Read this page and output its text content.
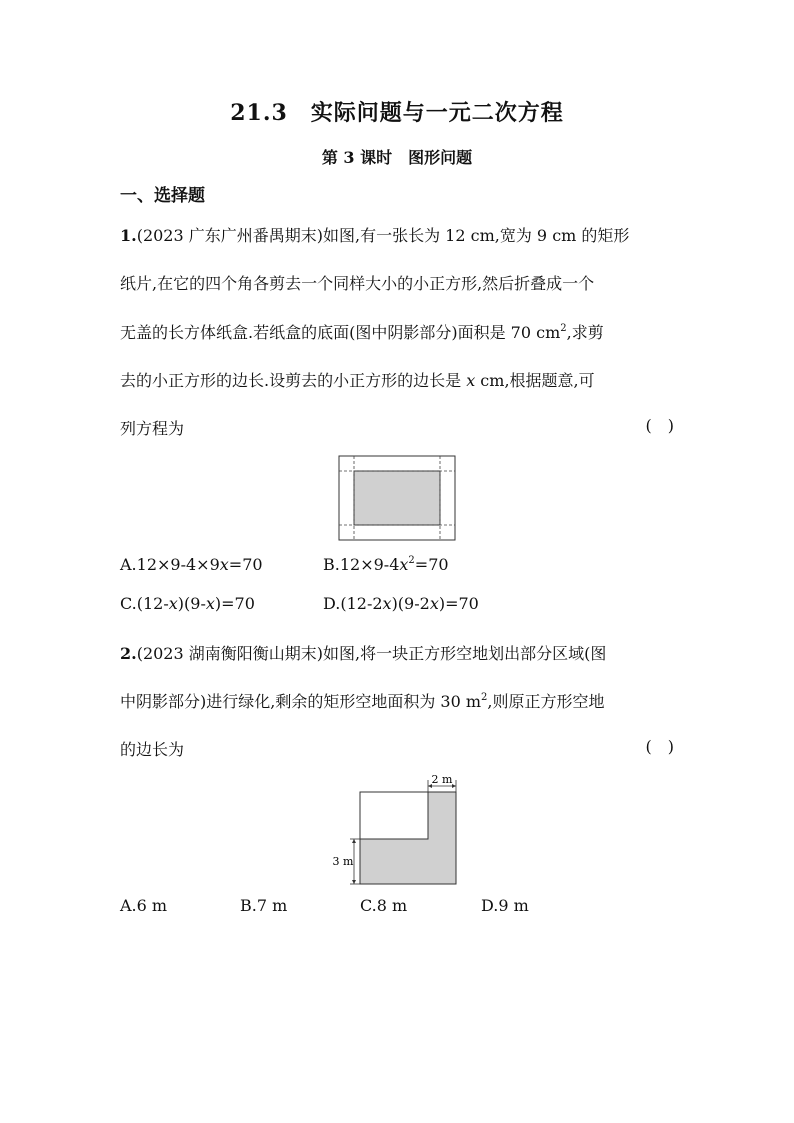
21.3　实际问题与一元二次方程
第 3 课时　图形问题
一、选择题
1.(2023 广东广州番禺期末)如图,有一张长为 12 cm,宽为 9 cm 的矩形
纸片,在它的四个角各剪去一个同样大小的小正方形,然后折叠成一个
无盖的长方体纸盒.若纸盒的底面(图中阴影部分)面积是 70 $cm^2$,求剪
去的小正方形的边长.设剪去的小正方形的边长是 x cm,根据题意,可
列方程为	( )
A.12×9-4×9x=70	$B.12\times 9-4x^2=70$
C.(12-x)(9-x)=70	D.(12-2x)(9-2x)=70
2.(2023 湖南衡阳衡山期末)如图,将一块正方形空地划出部分区域(图
中阴影部分)进行绿化,剩余的矩形空地面积为 30 $m^2$,则原正方形空地
的边长为	( )
2 m
3 m
A.6 m	B.7 m	C.8 m	D.9 m
